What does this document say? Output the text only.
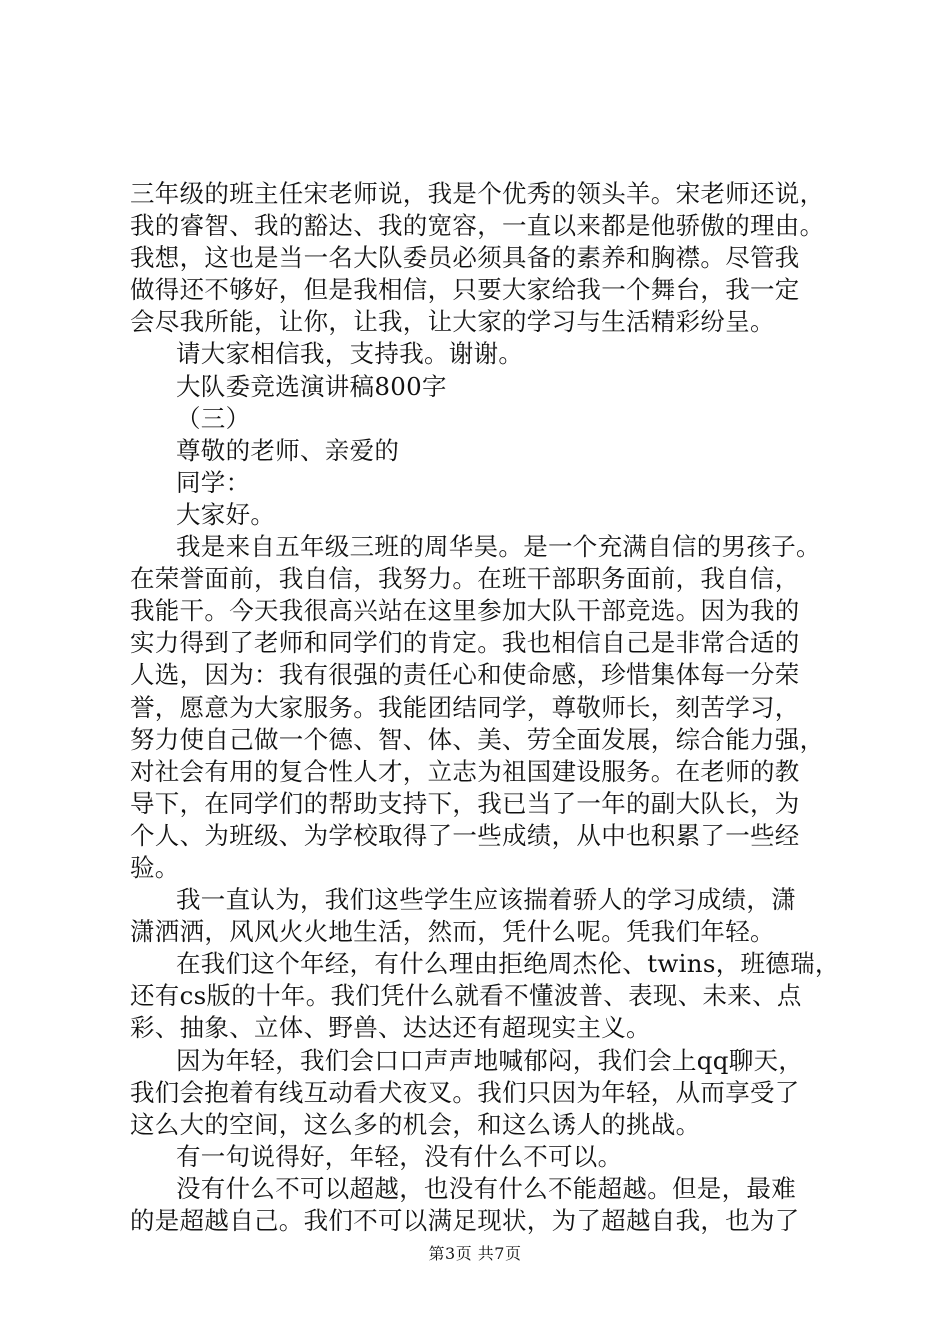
三年级的班主任宋老师说，我是个优秀的领头羊。宋老师还说，
我的睿智、我的豁达、我的宽容，一直以来都是他骄傲的理由。
我想，这也是当一名大队委员必须具备的素养和胸襟。尽管我
做得还不够好，但是我相信，只要大家给我一个舞台，我一定
会尽我所能，让你，让我，让大家的学习与生活精彩纷呈。
请大家相信我，支持我。谢谢。
大队委竞选演讲稿800字
（三）
尊敬的老师、亲爱的
同学：
大家好。
我是来自五年级三班的周华昊。是一个充满自信的男孩子。
在荣誉面前，我自信，我努力。在班干部职务面前，我自信，
我能干。今天我很高兴站在这里参加大队干部竞选。因为我的
实力得到了老师和同学们的肯定。我也相信自己是非常合适的
人选，因为：我有很强的责任心和使命感，珍惜集体每一分荣
誉，愿意为大家服务。我能团结同学，尊敬师长，刻苦学习，
努力使自己做一个德、智、体、美、劳全面发展，综合能力强，
对社会有用的复合性人才，立志为祖国建设服务。在老师的教
导下，在同学们的帮助支持下，我已当了一年的副大队长，为
个人、为班级、为学校取得了一些成绩，从中也积累了一些经
验。
我一直认为，我们这些学生应该揣着骄人的学习成绩，潇
潇洒洒，风风火火地生活，然而，凭什么呢。凭我们年轻。
在我们这个年经，有什么理由拒绝周杰伦、twins，班德瑞，
还有cs版的十年。我们凭什么就看不懂波普、表现、未来、点
彩、抽象、立体、野兽、达达还有超现实主义。
因为年轻，我们会口口声声地喊郁闷，我们会上qq聊天，
我们会抱着有线互动看犬夜叉。我们只因为年轻，从而享受了
这么大的空间，这么多的机会，和这么诱人的挑战。
有一句说得好，年轻，没有什么不可以。
没有什么不可以超越，也没有什么不能超越。但是，最难
的是超越自己。我们不可以满足现状，为了超越自我，也为了
第3页 共7页
